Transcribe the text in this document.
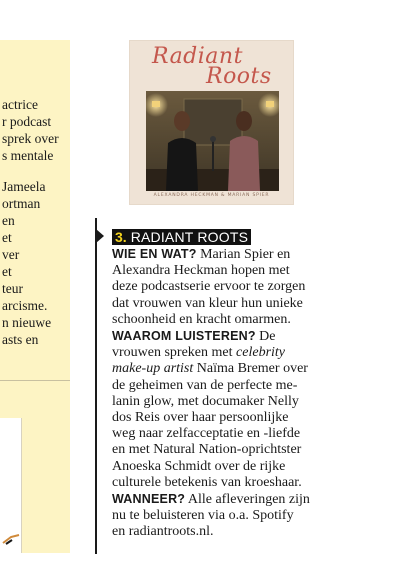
actrice
r podcast
sprek over
s mentale
Jameela
ortman
en
et
ver
et
teur
arcisme.
n nieuwe
asts en
Radiant
Roots
ALEXANDRA HECKMAN & MARIAN SPIER
3. RADIANT ROOTS
WIE EN WAT? Marian Spier en
Alexandra Heckman hopen met
deze podcastserie ervoor te zorgen
dat vrouwen van kleur hun unieke
schoonheid en kracht omarmen.
WAAROM LUISTEREN? De
vrouwen spreken met celebrity
make-up artist Naïma Bremer over
de geheimen van de perfecte me-
lanin glow, met documaker Nelly
dos Reis over haar persoonlijke
weg naar zelfacceptatie en -liefde
en met Natural Nation-oprichtster
Anoeska Schmidt over de rijke
culturele betekenis van kroeshaar.
WANNEER? Alle afleveringen zijn
nu te beluisteren via o.a. Spotify
en radiantroots.nl.
